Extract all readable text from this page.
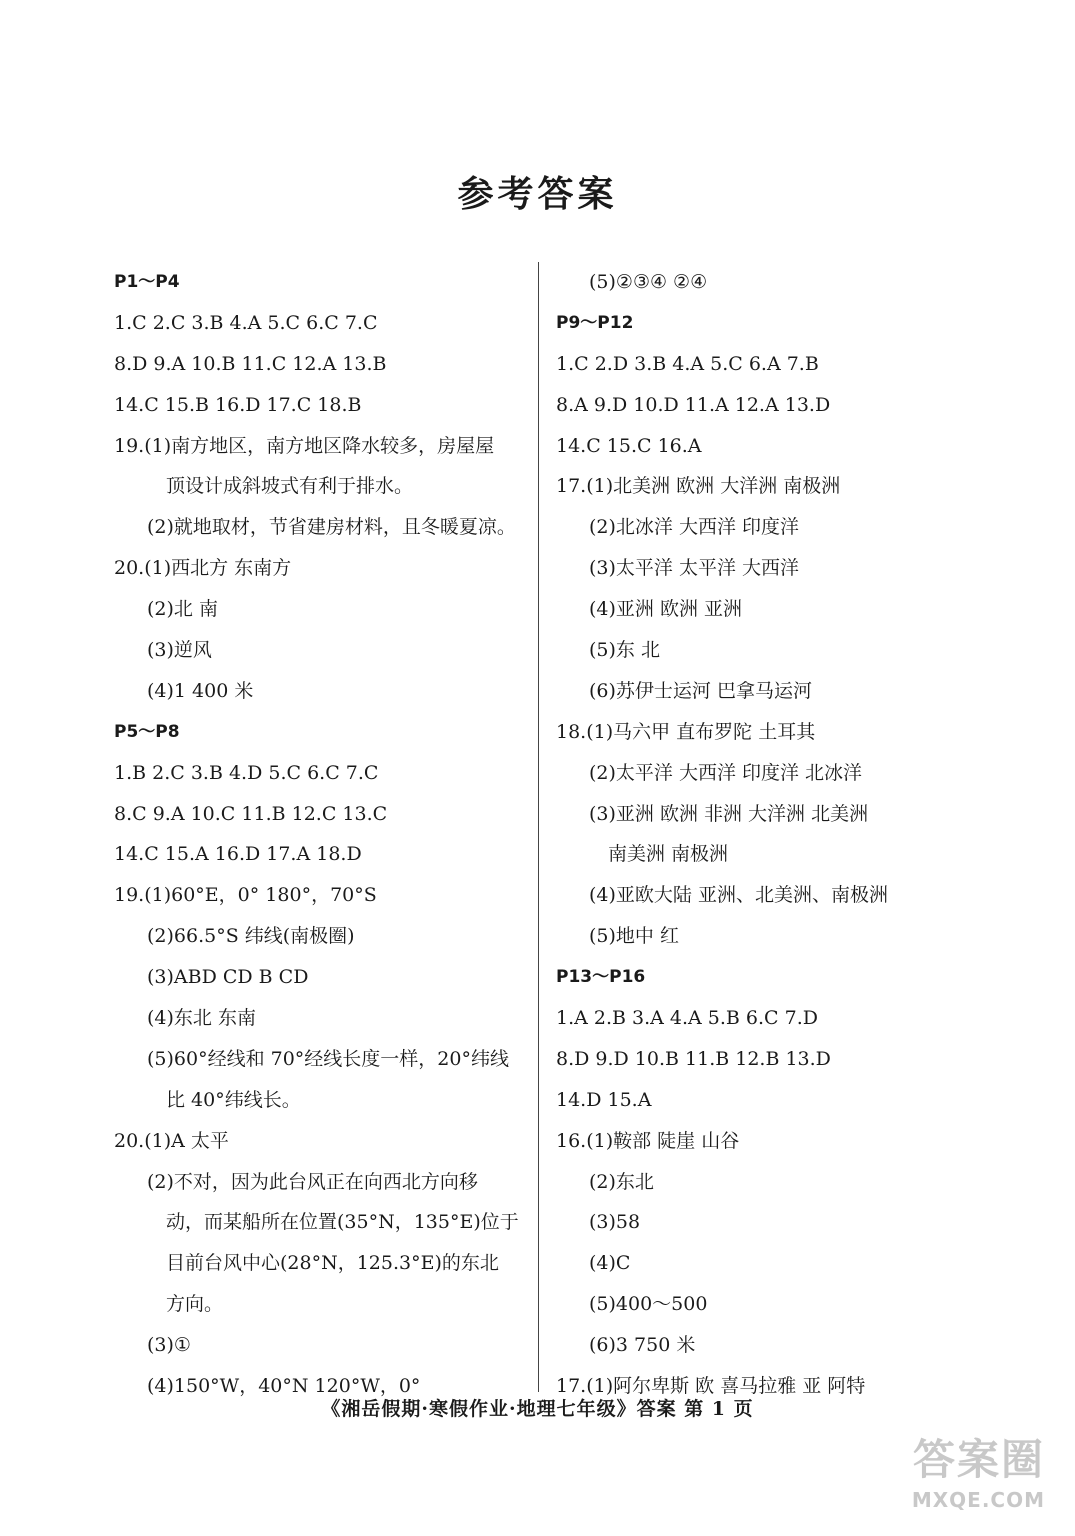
参考答案
P1～P4
1.C 2.C 3.B 4.A 5.C 6.C 7.C
8.D 9.A 10.B 11.C 12.A 13.B
14.C 15.B 16.D 17.C 18.B
19.(1)南方地区，南方地区降水较多，房屋屋
顶设计成斜坡式有利于排水。
(2)就地取材，节省建房材料，且冬暖夏凉。
20.(1)西北方 东南方
(2)北 南
(3)逆风
(4)1 400 米
P5～P8
1.B 2.C 3.B 4.D 5.C 6.C 7.C
8.C 9.A 10.C 11.B 12.C 13.C
14.C 15.A 16.D 17.A 18.D
19.(1)60°E，0° 180°，70°S
(2)66.5°S 纬线(南极圈)
(3)ABD CD B CD
(4)东北 东南
(5)60°经线和 70°经线长度一样，20°纬线
比 40°纬线长。
20.(1)A 太平
(2)不对，因为此台风正在向西北方向移
动，而某船所在位置(35°N，135°E)位于
目前台风中心(28°N，125.3°E)的东北
方向。
(3)①
(4)150°W，40°N 120°W，0°
(5)②③④ ②④
P9～P12
1.C 2.D 3.B 4.A 5.C 6.A 7.B
8.A 9.D 10.D 11.A 12.A 13.D
14.C 15.C 16.A
17.(1)北美洲 欧洲 大洋洲 南极洲
(2)北冰洋 大西洋 印度洋
(3)太平洋 太平洋 大西洋
(4)亚洲 欧洲 亚洲
(5)东 北
(6)苏伊士运河 巴拿马运河
18.(1)马六甲 直布罗陀 土耳其
(2)太平洋 大西洋 印度洋 北冰洋
(3)亚洲 欧洲 非洲 大洋洲 北美洲
南美洲 南极洲
(4)亚欧大陆 亚洲、北美洲、南极洲
(5)地中 红
P13～P16
1.A 2.B 3.A 4.A 5.B 6.C 7.D
8.D 9.D 10.B 11.B 12.B 13.D
14.D 15.A
16.(1)鞍部 陡崖 山谷
(2)东北
(3)58
(4)C
(5)400～500
(6)3 750 米
17.(1)阿尔卑斯 欧 喜马拉雅 亚 阿特
《湘岳假期·寒假作业·地理七年级》答案 第 1 页
答案圈
MXQE.COM
